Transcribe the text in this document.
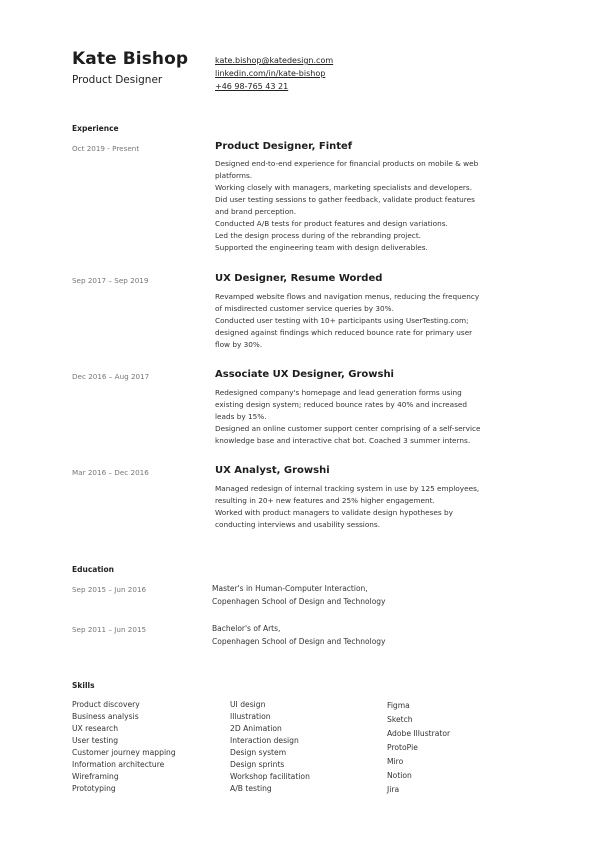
Kate Bishop
Product Designer
kate.bishop@katedesign.com
linkedin.com/in/kate-bishop
+46 98-765 43 21
Experience
Oct 2019 - Present	Product Designer, Fintef
Designed end-to-end experience for financial products on mobile & web
platforms.
Working closely with managers, marketing specialists and developers.
Did user testing sessions to gather feedback, validate product features
and brand perception.
Conducted A/B tests for product features and design variations.
Led the design process during of the rebranding project.
Supported the engineering team with design deliverables.
Sep 2017 – Sep 2019	UX Designer, Resume Worded
Revamped website flows and navigation menus, reducing the frequency
of misdirected customer service queries by 30%.
Conducted user testing with 10+ participants using UserTesting.com;
designed against findings which reduced bounce rate for primary user
flow by 30%.
Dec 2016 – Aug 2017	Associate UX Designer, Growshi
Redesigned company's homepage and lead generation forms using
existing design system; reduced bounce rates by 40% and increased
leads by 15%.
Designed an online customer support center comprising of a self-service
knowledge base and interactive chat bot. Coached 3 summer interns.
Mar 2016 – Dec 2016	UX Analyst, Growshi
Managed redesign of internal tracking system in use by 125 employees,
resulting in 20+ new features and 25% higher engagement.
Worked with product managers to validate design hypotheses by
conducting interviews and usability sessions.
Education
Sep 2015 – Jun 2016	Master's in Human-Computer Interaction,
Copenhagen School of Design and Technology
Sep 2011 – Jun 2015	Bachelor's of Arts,
Copenhagen School of Design and Technology
Skills
Product discovery
Business analysis
UX research
User testing
Customer journey mapping
Information architecture
Wireframing
Prototyping
UI design
Illustration
2D Animation
Interaction design
Design system
Design sprints
Workshop facilitation
A/B testing
Figma
Sketch
Adobe Illustrator
ProtoPie
Miro
Notion
Jira
